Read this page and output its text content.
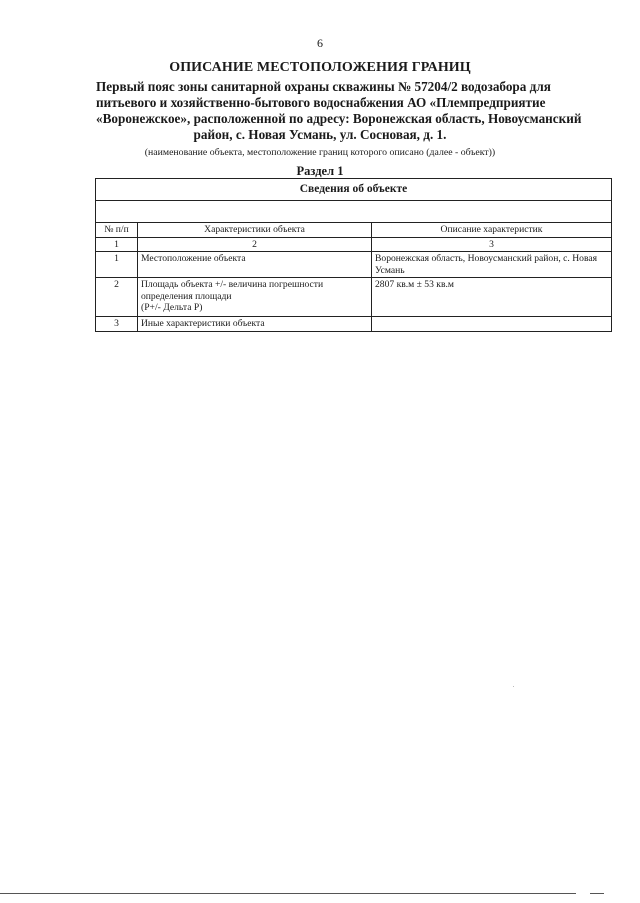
6
ОПИСАНИЕ МЕСТОПОЛОЖЕНИЯ ГРАНИЦ
Первый пояс зоны санитарной охраны скважины № 57204/2 водозабора для
питьевого и хозяйственно-бытового водоснабжения АО «Племпредприятие
«Воронежское», расположенной по адресу: Воронежская область, Новоусманский
район, с. Новая Усмань, ул. Сосновая, д. 1.
(наименование объекта, местоположение границ которого описано (далее - объект))
Раздел 1
Сведения об объекте		

№ п/п	Характеристики объекта	Описание характеристик
1	2	3
1	Местоположение объекта	Воронежская область, Новоусманский район, с. Новая Усмань
2	Площадь объекта +/- величина погрешности
определения площади
(P+/- Дельта P)	2807 кв.м ± 53 кв.м
3	Иные характеристики объекта	
